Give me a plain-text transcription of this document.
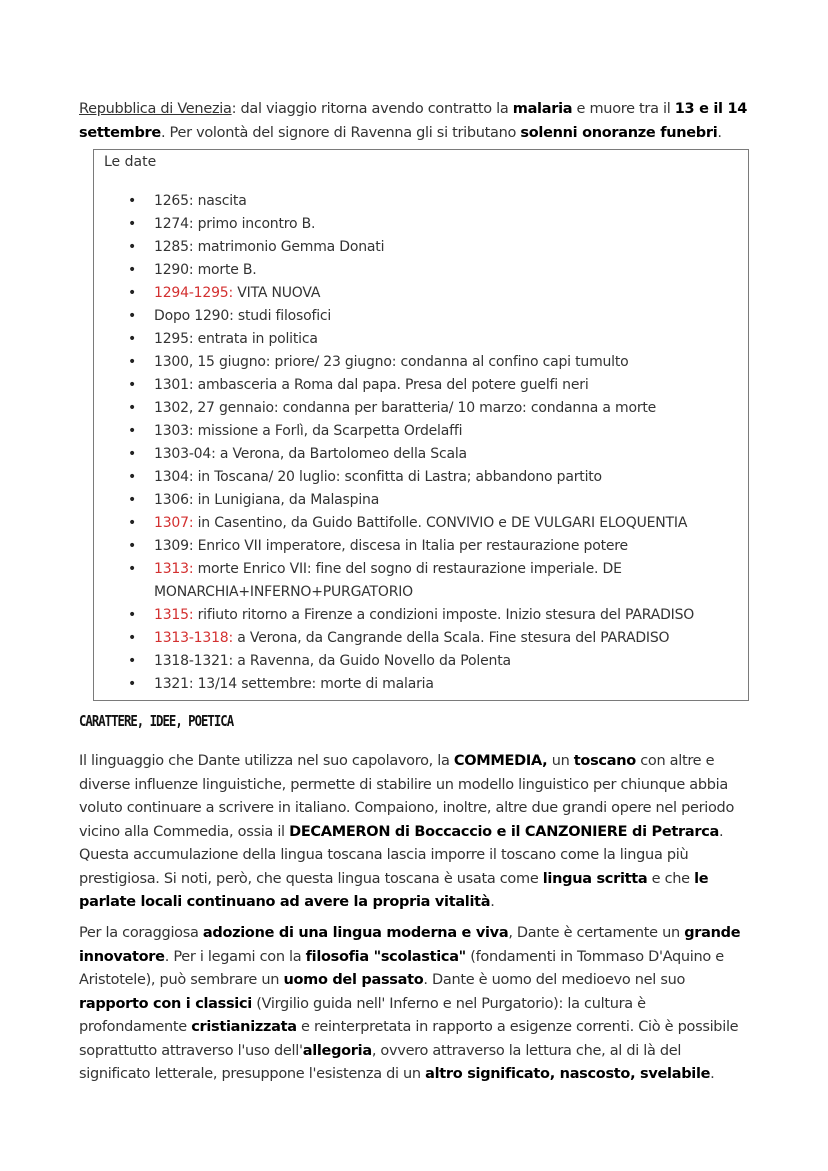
Repubblica di Venezia: dal viaggio ritorna avendo contratto la malaria e muore tra il 13 e il 14 settembre. Per volontà del signore di Ravenna gli si tributano solenni onoranze funebri.

Le date
• 1265: nascita
• 1274: primo incontro B.
• 1285: matrimonio Gemma Donati
• 1290: morte B.
• 1294-1295: VITA NUOVA
• Dopo 1290: studi filosofici
• 1295: entrata in politica
• 1300, 15 giugno: priore/ 23 giugno: condanna al confino capi tumulto
• 1301: ambasceria a Roma dal papa. Presa del potere guelfi neri
• 1302, 27 gennaio: condanna per baratteria/ 10 marzo: condanna a morte
• 1303: missione a Forlì, da Scarpetta Ordelaffi
• 1303-04: a Verona, da Bartolomeo della Scala
• 1304: in Toscana/ 20 luglio: sconfitta di Lastra; abbandono partito
• 1306: in Lunigiana, da Malaspina
• 1307: in Casentino, da Guido Battifolle. CONVIVIO e DE VULGARI ELOQUENTIA
• 1309: Enrico VII imperatore, discesa in Italia per restaurazione potere
• 1313: morte Enrico VII: fine del sogno di restaurazione imperiale. DE MONARCHIA+INFERNO+PURGATORIO
• 1315: rifiuto ritorno a Firenze a condizioni imposte. Inizio stesura del PARADISO
• 1313-1318: a Verona, da Cangrande della Scala. Fine stesura del PARADISO
• 1318-1321: a Ravenna, da Guido Novello da Polenta
• 1321: 13/14 settembre: morte di malaria
CARATTERE, IDEE, POETICA

Il linguaggio che Dante utilizza nel suo capolavoro, la COMMEDIA, un toscano con altre e diverse influenze linguistiche, permette di stabilire un modello linguistico per chiunque abbia voluto continuare a scrivere in italiano. Compaiono, inoltre, altre due grandi opere nel periodo vicino alla Commedia, ossia il DECAMERON di Boccaccio e il CANZONIERE di Petrarca. Questa accumulazione della lingua toscana lascia imporre il toscano come la lingua più prestigiosa. Si noti, però, che questa lingua toscana è usata come lingua scritta e che le parlate locali continuano ad avere la propria vitalità.

Per la coraggiosa adozione di una lingua moderna e viva, Dante è certamente un grande innovatore. Per i legami con la filosofia "scolastica" (fondamenti in Tommaso D'Aquino e Aristotele), può sembrare un uomo del passato. Dante è uomo del medioevo nel suo rapporto con i classici (Virgilio guida nell' Inferno e nel Purgatorio): la cultura è profondamente cristianizzata e reinterpretata in rapporto a esigenze correnti. Ciò è possibile soprattutto attraverso l'uso dell'allegoria, ovvero attraverso la lettura che, al di là del significato letterale, presuppone l'esistenza di un altro significato, nascosto, svelabile.
